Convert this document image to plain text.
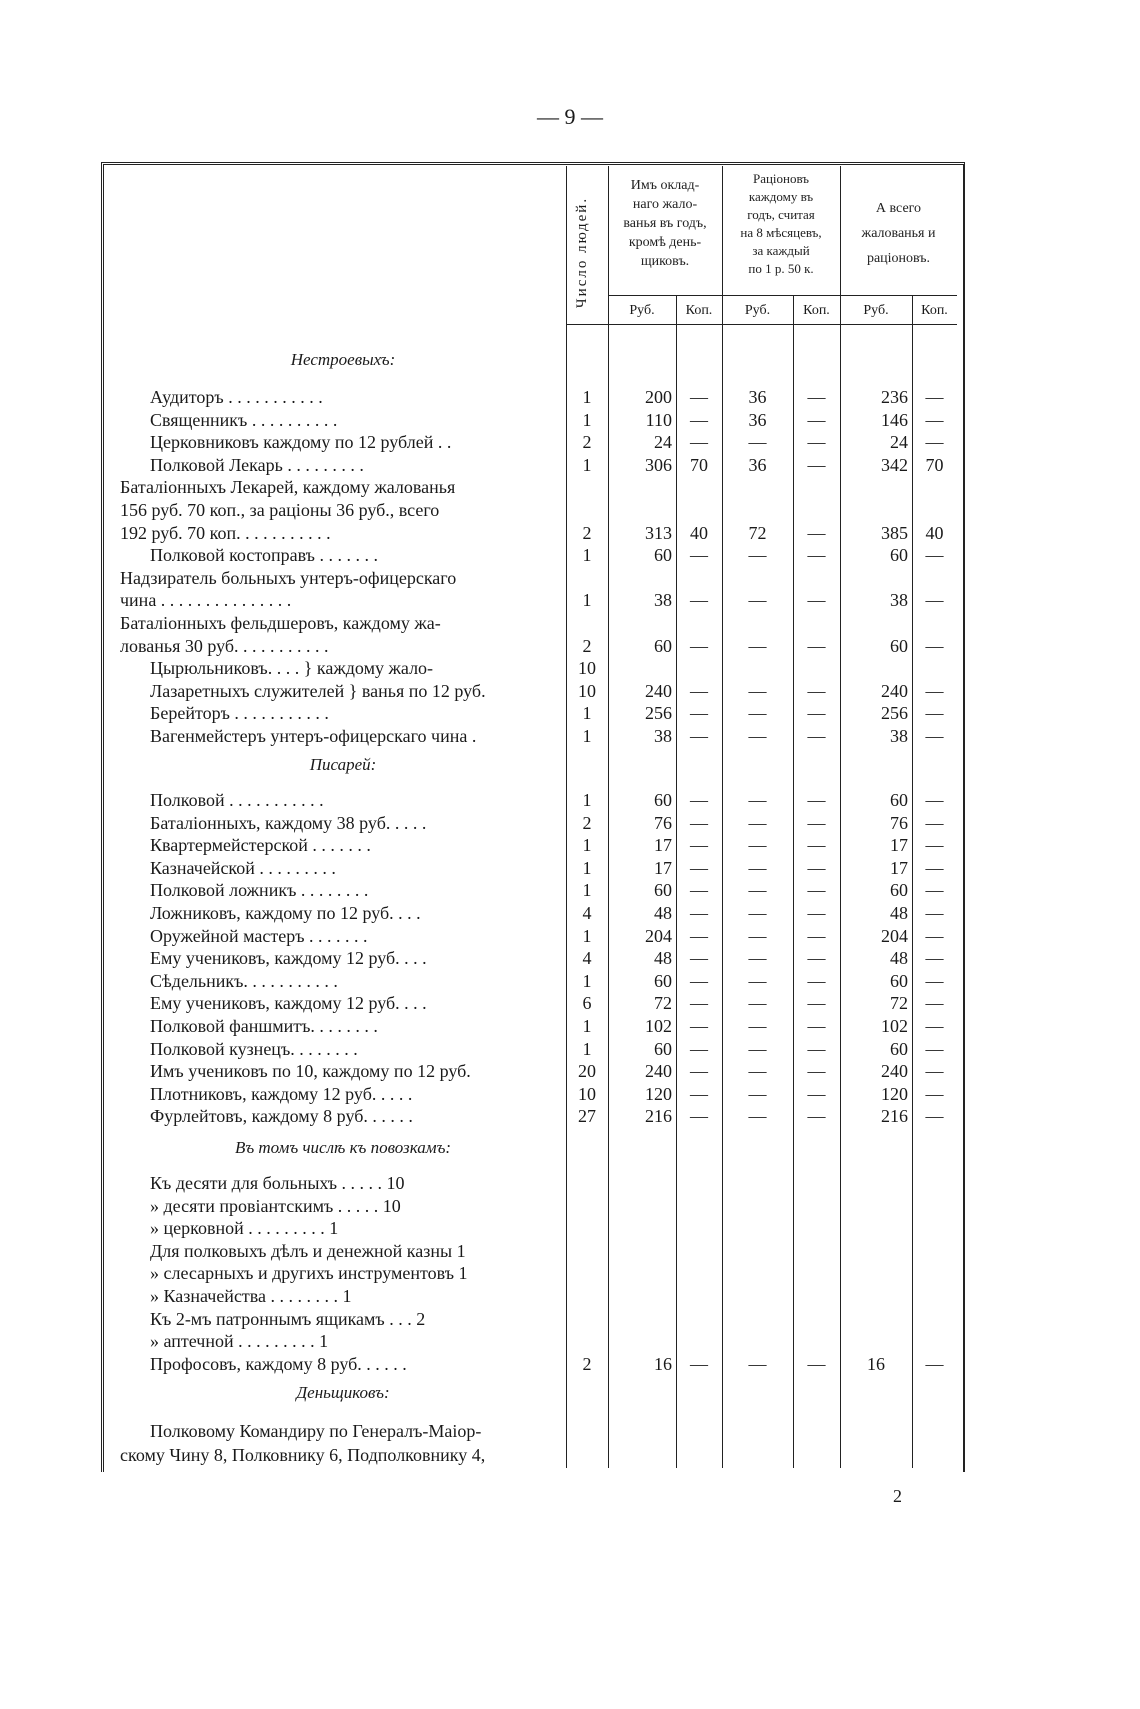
— 9 —
Число людей.
Имъ оклад-
наго жало-
ванья въ годъ,
кромѣ день-
щиковъ.
Раціоновъ
каждому въ
годъ, считая
на 8 мѣсяцевъ,
за каждый
по 1 р. 50 к.
А всего
жалованья и
раціоновъ.
Руб.	Коп.	Руб.	Коп.	Руб.	Коп.
Нестроевыхъ:
Аудиторъ . . . . . . . . . . .	1	200	—	36	—	236 —
Священникъ . . . . . . . . . .	1	110	—	36	—	146 —
Церковниковъ каждому по 12 рублей . .	2	24	—	—	—	24 —
Полковой Лекарь . . . . . . . . .	1	306	70	36	—	342 70
Баталіонныхъ Лекарей, каждому жалованья
156 руб. 70 коп., за раціоны 36 руб., всего
192 руб. 70 коп. . . . . . . . . . .	2	313	40	72	—	385 40
Полковой костоправъ . . . . . . .	1	60	—	—	—	60 —
Надзиратель больныхъ унтеръ-офицерскаго
чина . . . . . . . . . . . . . . .	1	38	—	—	—	38 —
Баталіонныхъ фельдшеровъ, каждому жа-
лованья 30 руб. . . . . . . . . . .	2	60	—	—	—	60 —
Цырюльниковъ. . . . } каждому жало-	10
Лазаретныхъ служителей } ванья по 12 руб.	10	240	—	—	—	240 —
Берейторъ . . . . . . . . . . .	1	256	—	—	—	256 —
Вагенмейстеръ унтеръ-офицерскаго чина .	1	38	—	—	—	38 —
Писарей:
Полковой . . . . . . . . . . .	1	60	—	—	—	60 —
Баталіонныхъ, каждому 38 руб. . . . .	2	76	—	—	—	76 —
Квартермейстерской . . . . . . .	1	17	—	—	—	17 —
Казначейской . . . . . . . . .	1	17	—	—	—	17 —
Полковой ложникъ . . . . . . . .	1	60	—	—	—	60 —
Ложниковъ, каждому по 12 руб. . . .	4	48	—	—	—	48 —
Оружейной мастеръ . . . . . . .	1	204	—	—	—	204 —
Ему учениковъ, каждому 12 руб. . . .	4	48	—	—	—	48 —
Сѣдельникъ. . . . . . . . . . .	1	60	—	—	—	60 —
Ему учениковъ, каждому 12 руб. . . .	6	72	—	—	—	72 —
Полковой фаншмитъ. . . . . . . .	1	102	—	—	—	102 —
Полковой кузнецъ. . . . . . . .	1	60	—	—	—	60 —
Имъ учениковъ по 10, каждому по 12 руб.	20	240	—	—	—	240 —
Плотниковъ, каждому 12 руб. . . . .	10	120	—	—	—	120 —
Фурлейтовъ, каждому 8 руб. . . . . .	27	216	—	—	—	216 —
Въ томъ числѣ къ повозкамъ:
Къ десяти для больныхъ . . . . . 10
» десяти провіантскимъ . . . . . 10
» церковной . . . . . . . . . 1
Для полковыхъ дѣлъ и денежной казны 1
» слесарныхъ и другихъ инструментовъ 1
» Казначейства . . . . . . . . 1
Къ 2-мъ патроннымъ ящикамъ . . . 2
» аптечной . . . . . . . . . 1
Профосовъ, каждому 8 руб. . . . . .	2	16	—	—	—	16	—
Деньщиковъ:
Полковому Командиру по Генералъ-Маіор-
скому Чину 8, Полковнику 6, Подполковнику 4,
2
